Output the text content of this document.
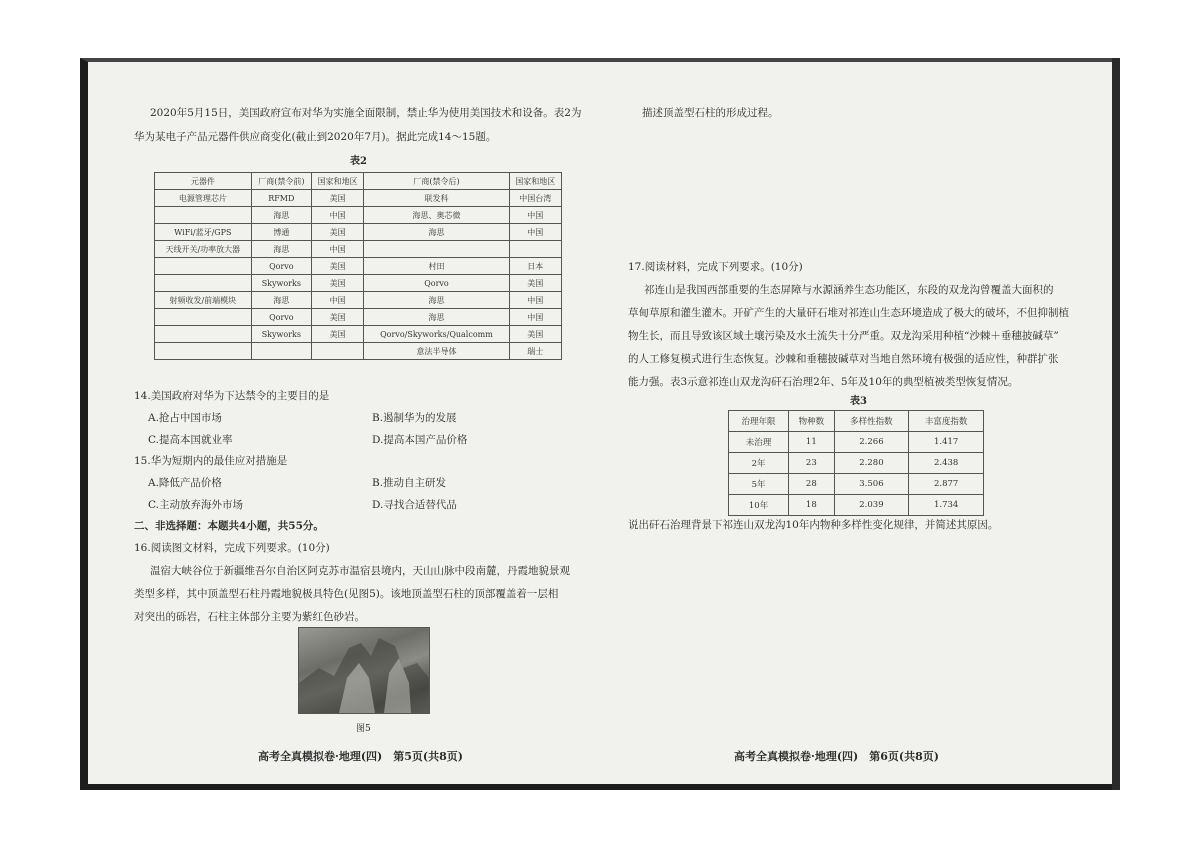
2020年5月15日，美国政府宣布对华为实施全面限制，禁止华为使用美国技术和设备。表2为
华为某电子产品元器件供应商变化(截止到2020年7月)。据此完成14～15题。
表2
元器件	厂商(禁令前)	国家和地区	厂商(禁令后)	国家和地区
电源管理芯片	RFMD	美国	联发科	中国台湾
	海思	中国	海思、奥芯微	中国
WiFi/蓝牙/GPS	博通	美国	海思	中国
天线开关/功率放大器	海思	中国		
	Qorvo	美国	村田	日本
	Skyworks	美国	Qorvo	美国
射频收发/前端模块	海思	中国	海思	中国
	Qorvo	美国	海思	中国
	Skyworks	美国	Qorvo/Skyworks/Qualcomm	美国
			意法半导体	瑞士
14.美国政府对华为下达禁令的主要目的是
A.抢占中国市场	B.遏制华为的发展
C.提高本国就业率	D.提高本国产品价格
15.华为短期内的最佳应对措施是
A.降低产品价格	B.推动自主研发
C.主动放弃海外市场	D.寻找合适替代品
二、非选择题：本题共4小题，共55分。
16.阅读图文材料，完成下列要求。(10分)
温宿大峡谷位于新疆维吾尔自治区阿克苏市温宿县境内，天山山脉中段南麓，丹霞地貌景观
类型多样，其中顶盖型石柱丹霞地貌极具特色(见图5)。该地顶盖型石柱的顶部覆盖着一层相
对突出的砾岩，石柱主体部分主要为紫红色砂岩。
图5
高考全真模拟卷·地理(四)　第5页(共8页)
描述顶盖型石柱的形成过程。
17.阅读材料，完成下列要求。(10分)
祁连山是我国西部重要的生态屏障与水源涵养生态功能区，东段的双龙沟曾覆盖大面积的
草甸草原和灌生灌木。开矿产生的大量矸石堆对祁连山生态环境造成了极大的破坏，不但抑制植
物生长，而且导致该区域土壤污染及水土流失十分严重。双龙沟采用种植“沙棘＋垂穗披碱草”
的人工修复模式进行生态恢复。沙棘和垂穗披碱草对当地自然环境有极强的适应性，种群扩张
能力强。表3示意祁连山双龙沟矸石治理2年、5年及10年的典型植被类型恢复情况。
表3
治理年限	物种数	多样性指数	丰富度指数
未治理	11	2.266	1.417
2年	23	2.280	2.438
5年	28	3.506	2.877
10年	18	2.039	1.734
说出矸石治理背景下祁连山双龙沟10年内物种多样性变化规律，并简述其原因。
高考全真模拟卷·地理(四)　第6页(共8页)
